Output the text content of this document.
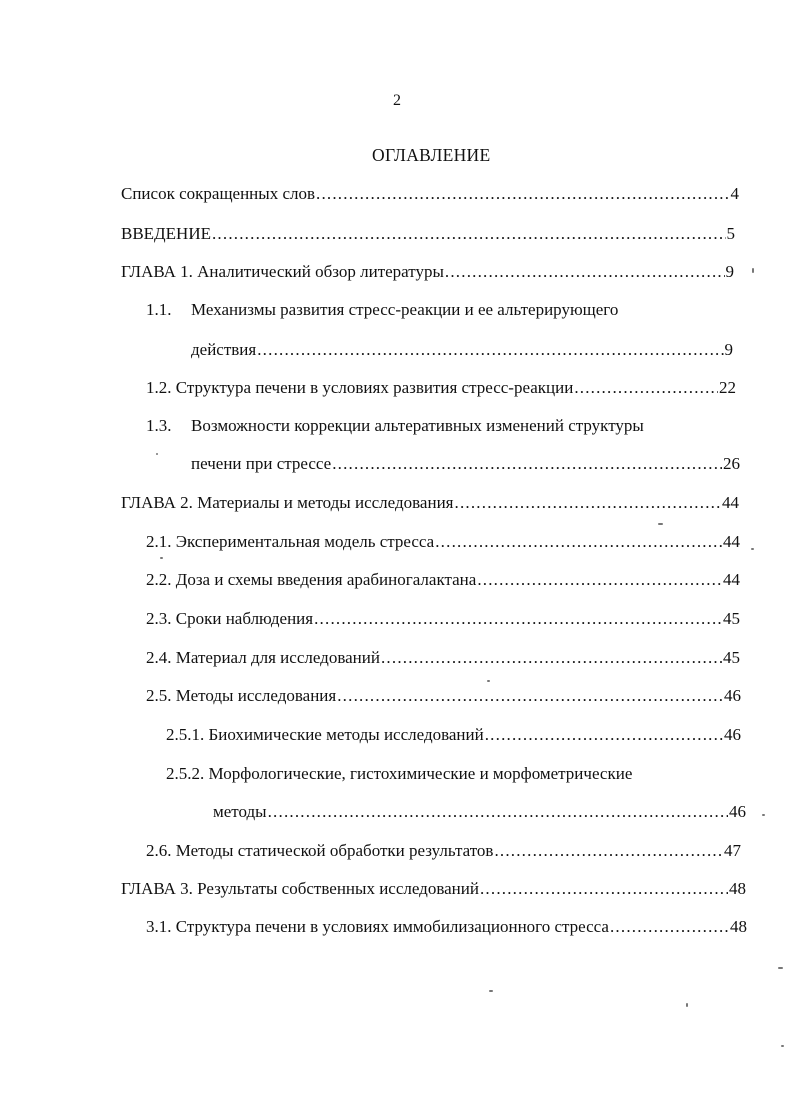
2
ОГЛАВЛЕНИЕ
Список сокращенных слов .....	4
ВВЕДЕНИЕ .....	5
ГЛАВА 1. Аналитический обзор литературы .....	9
1.1. Механизмы развития стресс-реакции и ее альтерирующего
действия .....	9
1.2. Структура печени в условиях развития стресс-реакции .....	22
1.3. Возможности коррекции альтеративных изменений структуры
печени при стрессе .....	26
ГЛАВА 2. Материалы и методы исследования .....	44
2.1. Экспериментальная модель стресса .....	44
2.2. Доза и схемы введения арабиногалактана .....	44
2.3. Сроки наблюдения .....	45
2.4. Материал для исследований .....	45
2.5. Методы исследования .....	46
2.5.1. Биохимические методы исследований .....	46
2.5.2. Морфологические, гистохимические и морфометрические
методы .....	46
2.6. Методы статической обработки результатов .....	47
ГЛАВА 3. Результаты собственных исследований .....	48
3.1. Структура печени в условиях иммобилизационного стресса .....	48
